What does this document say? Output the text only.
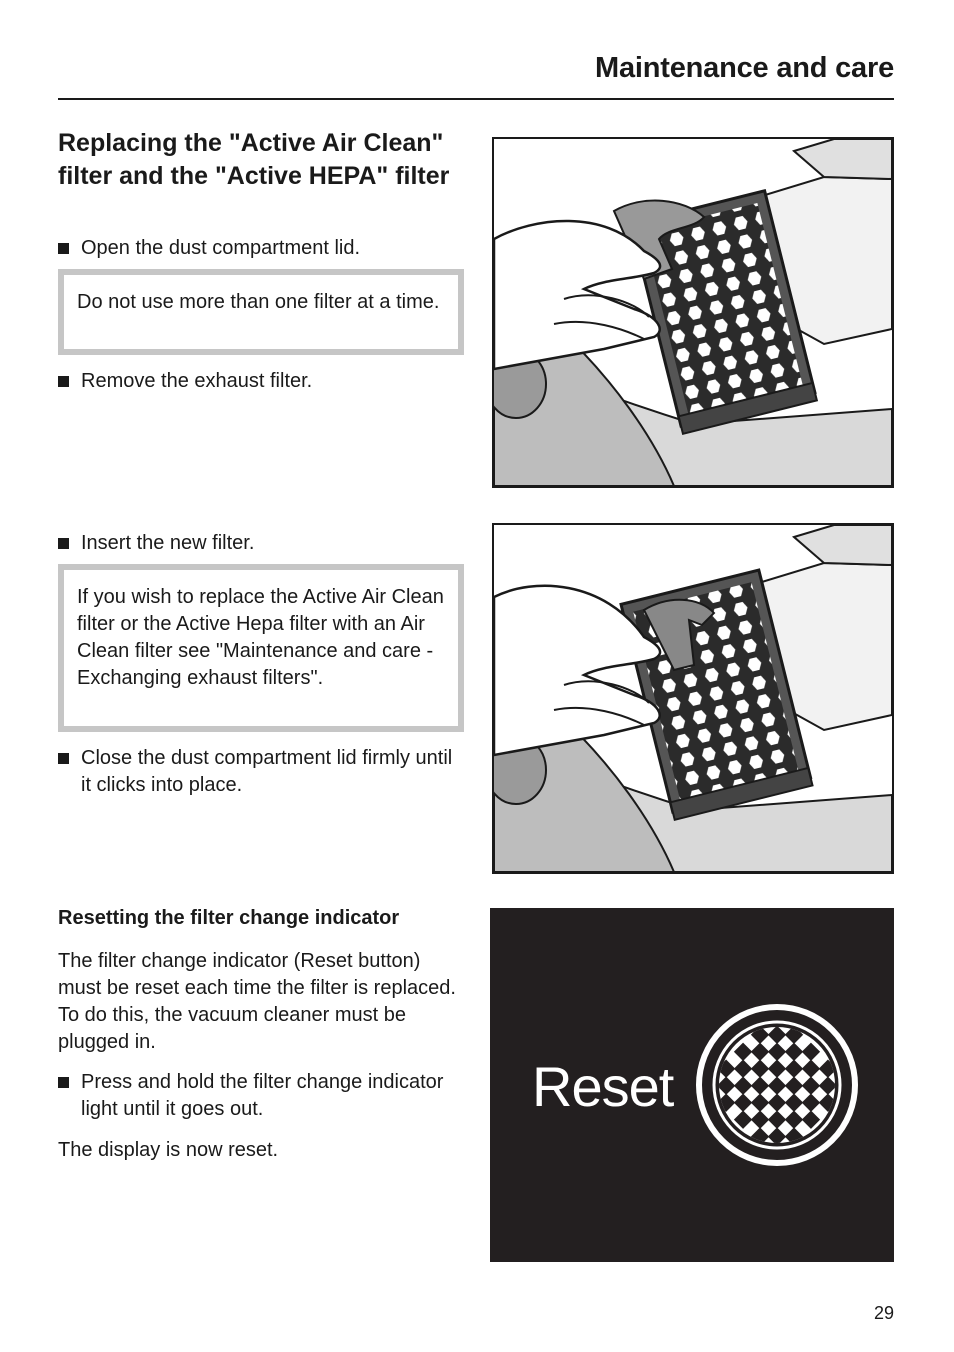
Maintenance and care
Replacing the "Active Air Clean" filter and the "Active HEPA" filter
Open the dust compartment lid.
Do not use more than one filter at a time.
Remove the exhaust filter.
Insert the new filter.
If you wish to replace the Active Air Clean filter or the Active Hepa filter with an Air Clean filter see "Maintenance and care - Exchanging exhaust filters".
Close the dust compartment lid firmly until it clicks into place.
Resetting the filter change indicator
The filter change indicator (Reset button) must be reset each time the filter is replaced. To do this, the vacuum cleaner must be plugged in.
Press and hold the filter change indicator light until it goes out.
The display is now reset.
Reset
29
